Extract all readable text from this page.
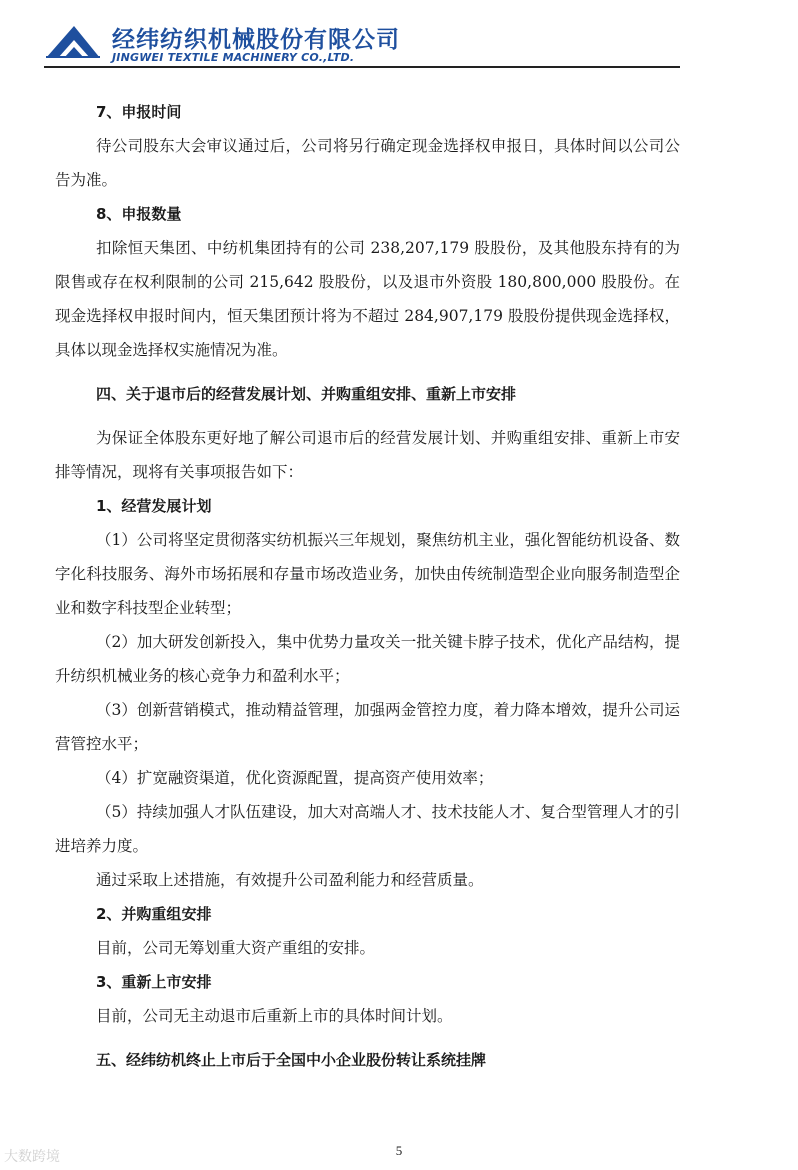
经纬纺织机械股份有限公司
JINGWEI TEXTILE MACHINERY CO.,LTD.

7、申报时间

待公司股东大会审议通过后，公司将另行确定现金选择权申报日，具体时间以公司公告为准。

8、申报数量

扣除恒天集团、中纺机集团持有的公司 238,207,179 股股份，及其他股东持有的为限售或存在权利限制的公司 215,642 股股份，以及退市外资股 180,800,000 股股份。在现金选择权申报时间内，恒天集团预计将为不超过 284,907,179 股股份提供现金选择权，具体以现金选择权实施情况为准。

四、关于退市后的经营发展计划、并购重组安排、重新上市安排

为保证全体股东更好地了解公司退市后的经营发展计划、并购重组安排、重新上市安排等情况，现将有关事项报告如下：

1、经营发展计划

（1）公司将坚定贯彻落实纺机振兴三年规划，聚焦纺机主业，强化智能纺机设备、数字化科技服务、海外市场拓展和存量市场改造业务，加快由传统制造型企业向服务制造型企业和数字科技型企业转型；

（2）加大研发创新投入，集中优势力量攻关一批关键卡脖子技术，优化产品结构，提升纺织机械业务的核心竞争力和盈利水平；

（3）创新营销模式，推动精益管理，加强两金管控力度，着力降本增效，提升公司运营管控水平；

（4）扩宽融资渠道，优化资源配置，提高资产使用效率；

（5）持续加强人才队伍建设，加大对高端人才、技术技能人才、复合型管理人才的引进培养力度。

通过采取上述措施，有效提升公司盈利能力和经营质量。

2、并购重组安排

目前，公司无筹划重大资产重组的安排。

3、重新上市安排

目前，公司无主动退市后重新上市的具体时间计划。

五、经纬纺机终止上市后于全国中小企业股份转让系统挂牌

大数跨境	5
